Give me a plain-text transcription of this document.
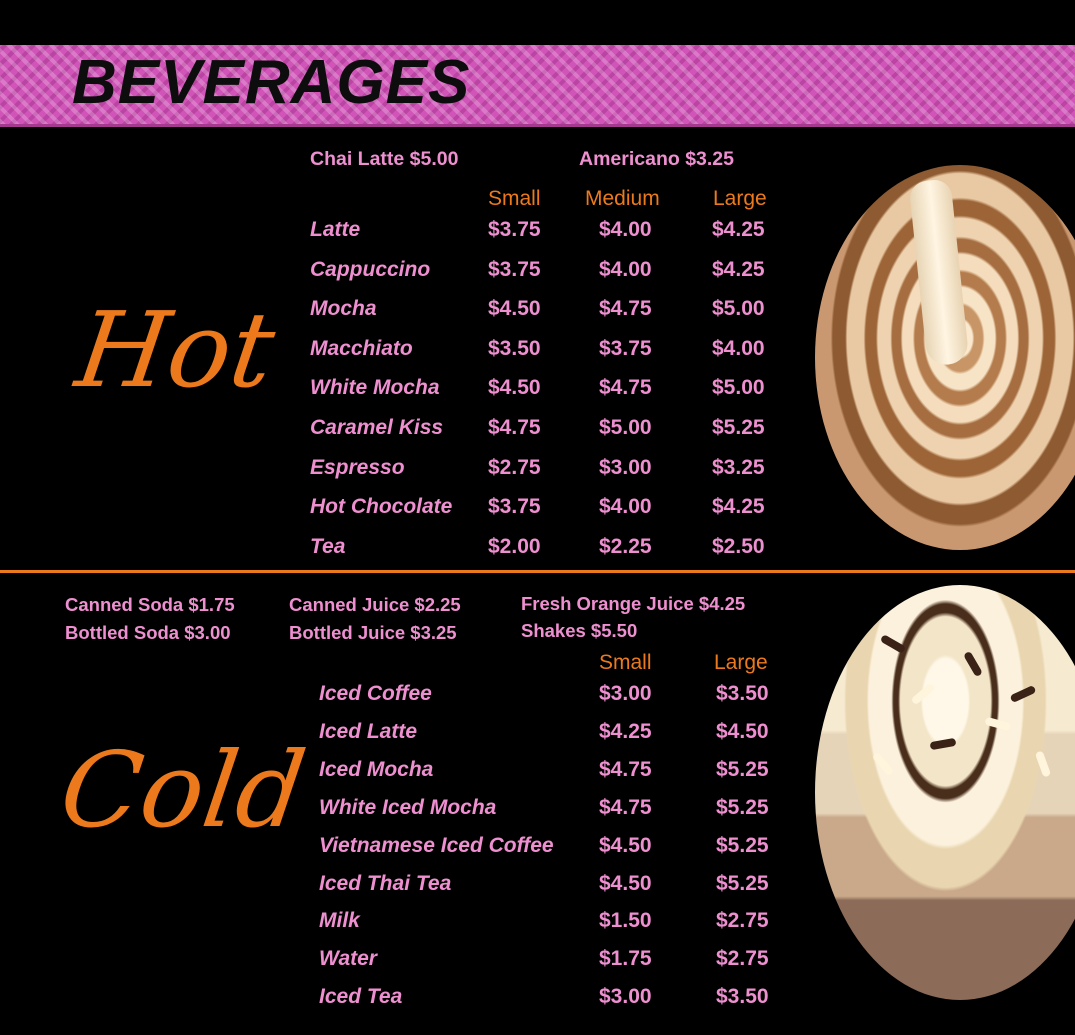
BEVERAGES
Hot
Chai Latte $5.00	Americano $3.25
Small Medium	Large
Latte	$3.75	$4.00	$4.25
Cappuccino	$3.75	$4.00	$4.25
Mocha	$4.50	$4.75	$5.00
Macchiato	$3.50	$3.75	$4.00
White Mocha $4.50	$4.75	$5.00
Caramel Kiss $4.75	$5.00	$5.25
Espresso	$2.75	$3.00	$3.25
Hot Chocolate $3.75	$4.00	$4.25
Tea	$2.00	$2.25	$2.50
Canned Soda $1.75
Bottled Soda $3.00
Canned Juice $2.25
Bottled Juice $3.25
Fresh Orange Juice $4.25
Shakes $5.50
Small	Large
Cold
Iced Coffee	$3.00	$3.50
Iced Latte	$4.25	$4.50
Iced Mocha	$4.75	$5.25
White Iced Mocha	$4.75	$5.25
Vietnamese Iced Coffee $4.50	$5.25
Iced Thai Tea	$4.50	$5.25
Milk	$1.50	$2.75
Water	$1.75	$2.75
Iced Tea	$3.00	$3.50
